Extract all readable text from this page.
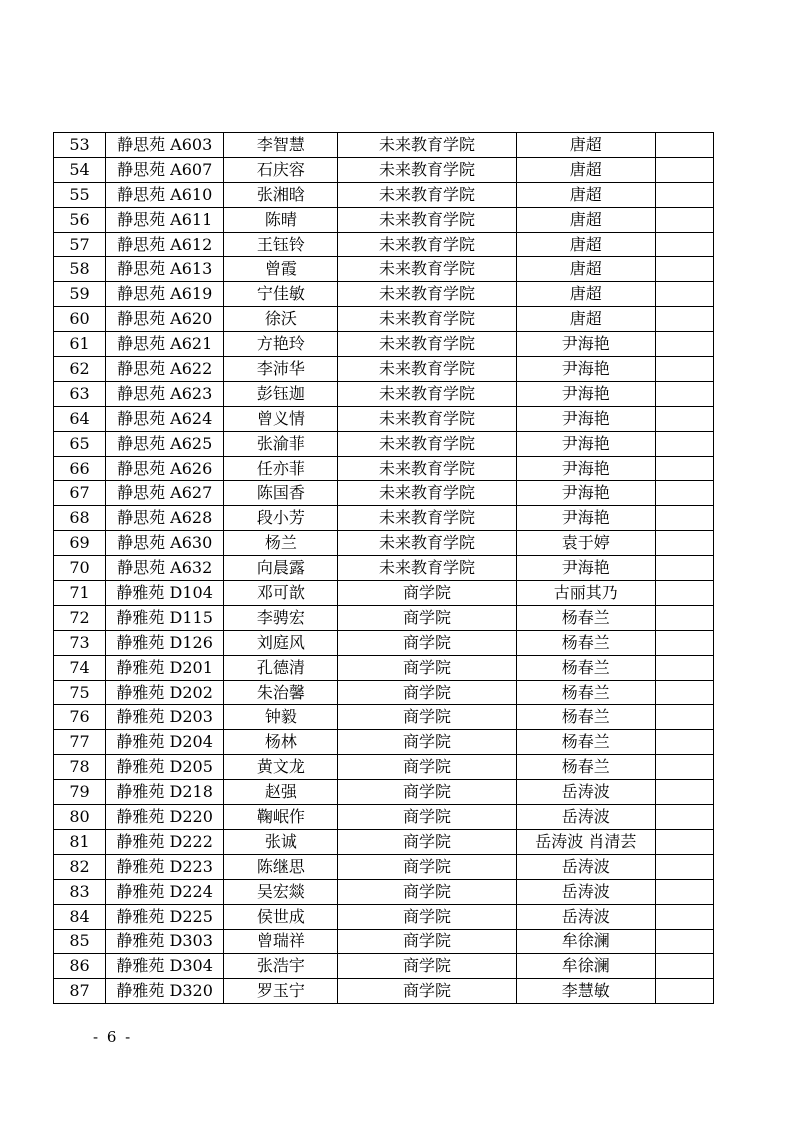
53	静思苑 A603	李智慧	未来教育学院	唐超	
54	静思苑 A607	石庆容	未来教育学院	唐超	
55	静思苑 A610	张湘晗	未来教育学院	唐超	
56	静思苑 A611	陈晴	未来教育学院	唐超	
57	静思苑 A612	王钰铃	未来教育学院	唐超	
58	静思苑 A613	曾霞	未来教育学院	唐超	
59	静思苑 A619	宁佳敏	未来教育学院	唐超	
60	静思苑 A620	徐沃	未来教育学院	唐超	
61	静思苑 A621	方艳玲	未来教育学院	尹海艳	
62	静思苑 A622	李沛华	未来教育学院	尹海艳	
63	静思苑 A623	彭钰迦	未来教育学院	尹海艳	
64	静思苑 A624	曾义情	未来教育学院	尹海艳	
65	静思苑 A625	张渝菲	未来教育学院	尹海艳	
66	静思苑 A626	任亦菲	未来教育学院	尹海艳	
67	静思苑 A627	陈国香	未来教育学院	尹海艳	
68	静思苑 A628	段小芳	未来教育学院	尹海艳	
69	静思苑 A630	杨兰	未来教育学院	袁于婷	
70	静思苑 A632	向晨露	未来教育学院	尹海艳	
71	静雅苑 D104	邓可歆	商学院	古丽其乃	
72	静雅苑 D115	李骋宏	商学院	杨春兰	
73	静雅苑 D126	刘庭风	商学院	杨春兰	
74	静雅苑 D201	孔德清	商学院	杨春兰	
75	静雅苑 D202	朱治馨	商学院	杨春兰	
76	静雅苑 D203	钟毅	商学院	杨春兰	
77	静雅苑 D204	杨林	商学院	杨春兰	
78	静雅苑 D205	黄文龙	商学院	杨春兰	
79	静雅苑 D218	赵强	商学院	岳涛波	
80	静雅苑 D220	鞠岷作	商学院	岳涛波	
81	静雅苑 D222	张诚	商学院	岳涛波 肖清芸	
82	静雅苑 D223	陈继思	商学院	岳涛波	
83	静雅苑 D224	吴宏燚	商学院	岳涛波	
84	静雅苑 D225	侯世成	商学院	岳涛波	
85	静雅苑 D303	曾瑞祥	商学院	牟徐澜	
86	静雅苑 D304	张浩宇	商学院	牟徐澜	
87	静雅苑 D320	罗玉宁	商学院	李慧敏	
- 6 -
